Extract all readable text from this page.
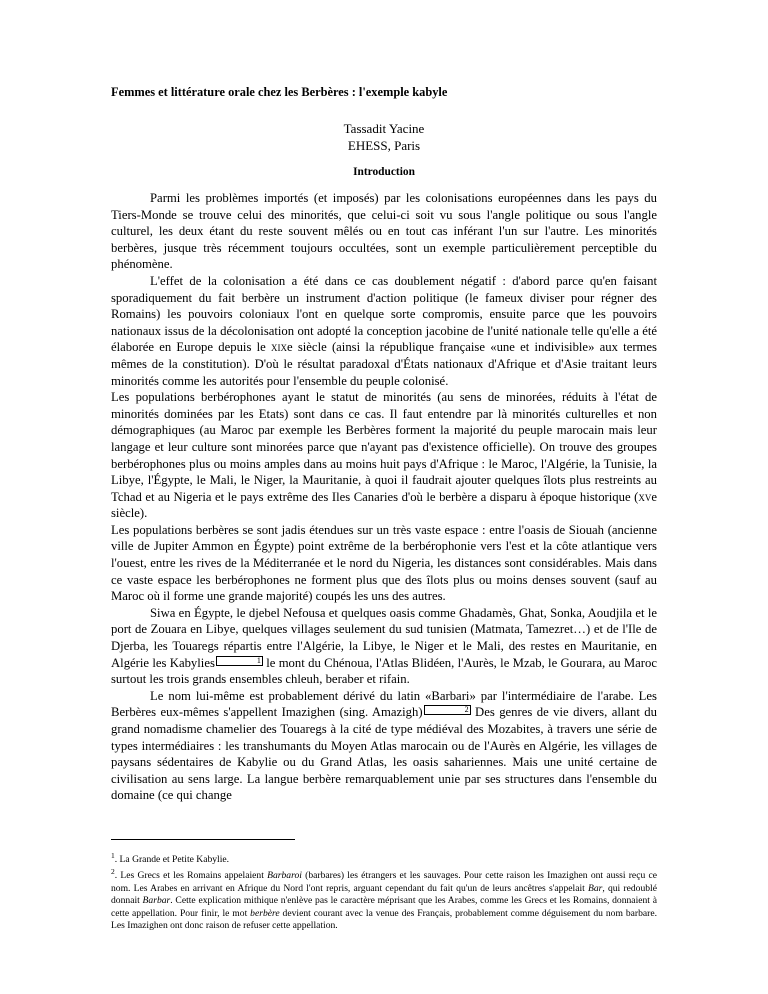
Femmes et littérature orale chez les Berbères : l'exemple kabyle
Tassadit Yacine
EHESS, Paris
Introduction

Parmi les problèmes importés (et imposés) par les colonisations européennes dans les pays du Tiers-Monde se trouve celui des minorités, que celui-ci soit vu sous l'angle politique ou sous l'angle culturel, les deux étant du reste souvent mêlés ou en tout cas inférant l'un sur l'autre. Les minorités berbères, jusque très récemment toujours occultées, sont un exemple particulièrement perceptible du phénomène.

L'effet de la colonisation a été dans ce cas doublement négatif : d'abord parce qu'en faisant sporadiquement du fait berbère un instrument d'action politique (le fameux diviser pour régner des Romains) les pouvoirs coloniaux l'ont en quelque sorte compromis, ensuite parce que les pouvoirs nationaux issus de la décolonisation ont adopté la conception jacobine de l'unité nationale telle qu'elle a été élaborée en Europe depuis le xixe siècle (ainsi la république française «une et indivisible» aux termes mêmes de la constitution). D'où le résultat paradoxal d'États nationaux d'Afrique et d'Asie traitant leurs minorités comme les autorités pour l'ensemble du peuple colonisé.

Les populations berbérophones ayant le statut de minorités (au sens de minorées, réduits à l'état de minorités dominées par les Etats) sont dans ce cas. Il faut entendre par là minorités culturelles et non démographiques (au Maroc par exemple les Berbères forment la majorité du peuple marocain mais leur langage et leur culture sont minorées parce que n'ayant pas d'existence officielle). On trouve des groupes berbérophones plus ou moins amples dans au moins huit pays d'Afrique : le Maroc, l'Algérie, la Tunisie, la Libye, l'Égypte, le Mali, le Niger, la Mauritanie, à quoi il faudrait ajouter quelques îlots plus restreints au Tchad et au Nigeria et le pays extrême des Iles Canaries d'où le berbère a disparu à époque historique (xve siècle).

Les populations berbères se sont jadis étendues sur un très vaste espace : entre l'oasis de Siouah (ancienne ville de Jupiter Ammon en Égypte) point extrême de la berbérophonie vers l'est et la côte atlantique vers l'ouest, entre les rives de la Méditerranée et le nord du Nigeria, les distances sont considérables. Mais dans ce vaste espace les berbérophones ne forment plus que des îlots plus ou moins denses souvent (sauf au Maroc où il forme une grande majorité) coupés les uns des autres.

Siwa en Égypte, le djebel Nefousa et quelques oasis comme Ghadamès, Ghat, Sonka, Aoudjila et le port de Zouara en Libye, quelques villages seulement du sud tunisien (Matmata, Tamezret…) et de l'Ile de Djerba, les Touaregs répartis entre l'Algérie, la Libye, le Niger et le Mali, des restes en Mauritanie, en Algérie les Kabylies	1 le mont du Chénoua, l'Atlas Blidéen, l'Aurès, le Mzab, le Gourara, au Maroc surtout les trois grands ensembles chleuh, beraber et rifain.

Le nom lui-même est probablement dérivé du latin «Barbari» par l'intermédiaire de l'arabe. Les Berbères eux-mêmes s'appellent Imazighen (sing. Amazigh)	2 Des genres de vie divers, allant du grand nomadisme chamelier des Touaregs à la cité de type médiéval des Mozabites, à travers une série de types intermédiaires : les transhumants du Moyen Atlas marocain ou de l'Aurès en Algérie, les villages de paysans sédentaires de Kabylie ou du Grand Atlas, les oasis sahariennes. Mais une unité certaine de civilisation au sens large. La langue berbère remarquablement unie par ses structures dans l'ensemble du domaine (ce qui change

$^1$. La Grande et Petite Kabylie.

$^2$. Les Grecs et les Romains appelaient Barbaroi (barbares) les étrangers et les sauvages. Pour cette raison les Imazighen ont aussi reçu ce nom. Les Arabes en arrivant en Afrique du Nord l'ont repris, arguant cependant du fait qu'un de leurs ancêtres s'appelait Bar, qui redoublé donnait Barbar. Cette explication mithique n'enlève pas le caractère méprisant que les Arabes, comme les Grecs et les Romains, donnaient à cette appellation. Pour finir, le mot berbère devient courant avec la venue des Français, probablement comme déguisement du nom barbare. Les Imazighen ont donc raison de refuser cette appellation.
